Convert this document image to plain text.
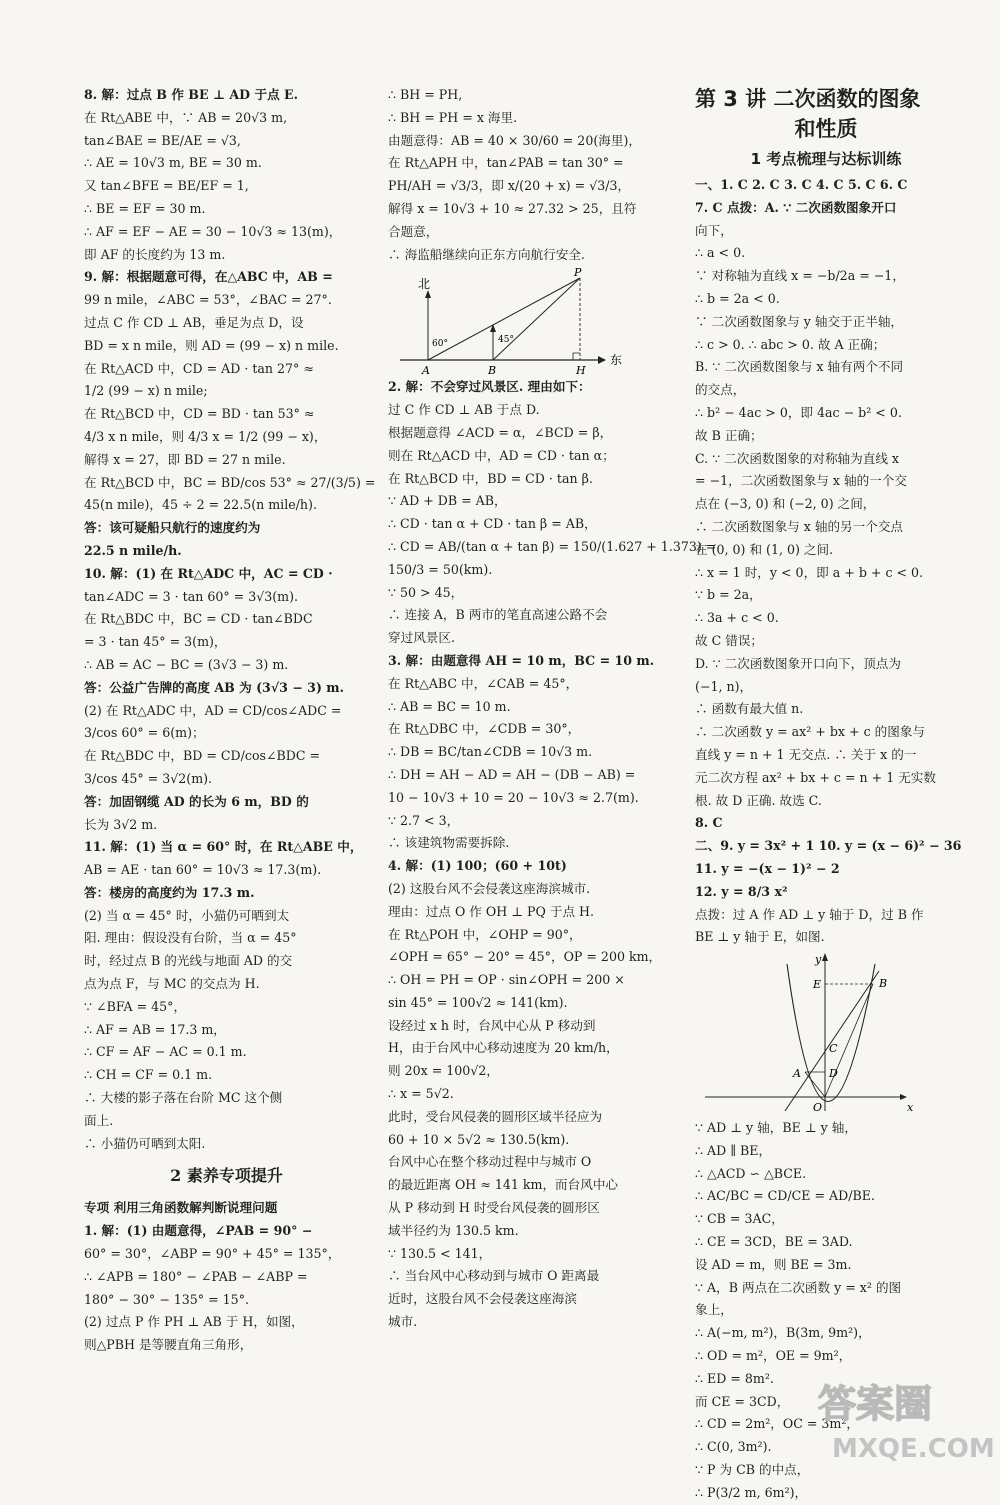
8. 解：过点 B 作 BE ⊥ AD 于点 E.
在 Rt△ABE 中，∵ AB = 20√3 m,
tan∠BAE = BE/AE = √3,
∴ AE = 10√3 m, BE = 30 m.
又 tan∠BFE = BE/EF = 1,
∴ BE = EF = 30 m.
∴ AF = EF − AE = 30 − 10√3 ≈ 13(m)，
即 AF 的长度约为 13 m.
9. 解：根据题意可得，在△ABC 中，AB =
99 n mile，∠ABC = 53°，∠BAC = 27°.
过点 C 作 CD ⊥ AB，垂足为点 D，设
BD = x n mile，则 AD = (99 − x) n mile.
在 Rt△ACD 中，CD = AD · tan 27° ≈
1/2 (99 − x) n mile;
在 Rt△BCD 中，CD = BD · tan 53° ≈
4/3 x n mile，则 4/3 x = 1/2 (99 − x)，
解得 x = 27，即 BD = 27 n mile.
在 Rt△BCD 中，BC = BD/cos 53° ≈ 27/(3/5) =
45(n mile)，45 ÷ 2 = 22.5(n mile/h).
答：该可疑船只航行的速度约为
22.5 n mile/h.
10. 解：(1) 在 Rt△ADC 中，AC = CD ·
tan∠ADC = 3 · tan 60° = 3√3(m).
在 Rt△BDC 中，BC = CD · tan∠BDC
= 3 · tan 45° = 3(m)，
∴ AB = AC − BC = (3√3 − 3) m.
答：公益广告牌的高度 AB 为 (3√3 − 3) m.
(2) 在 Rt△ADC 中，AD = CD/cos∠ADC =
3/cos 60° = 6(m)；
在 Rt△BDC 中，BD = CD/cos∠BDC =
3/cos 45° = 3√2(m).
答：加固钢缆 AD 的长为 6 m，BD 的
长为 3√2 m.
11. 解：(1) 当 α = 60° 时，在 Rt△ABE 中，
AB = AE · tan 60° = 10√3 ≈ 17.3(m).
答：楼房的高度约为 17.3 m.
(2) 当 α = 45° 时，小猫仍可晒到太
阳. 理由：假设没有台阶，当 α = 45°
时，经过点 B 的光线与地面 AD 的交
点为点 F，与 MC 的交点为 H.
∵ ∠BFA = 45°，
∴ AF = AB = 17.3 m，
∴ CF = AF − AC = 0.1 m.
∴ CH = CF = 0.1 m.
∴ 大楼的影子落在台阶 MC 这个侧
面上.
∴ 小猫仍可晒到太阳.
2 素养专项提升
专项 利用三角函数解判断说理问题
1. 解：(1) 由题意得，∠PAB = 90° −
60° = 30°，∠ABP = 90° + 45° = 135°，
∴ ∠APB = 180° − ∠PAB − ∠ABP =
180° − 30° − 135° = 15°.
(2) 过点 P 作 PH ⊥ AB 于 H，如图，
则△PBH 是等腰直角三角形，
∴ BH = PH,
∴ BH = PH = x 海里.
由题意得：AB = 40 × 30/60 = 20(海里)，
在 Rt△APH 中，tan∠PAB = tan 30° =
PH/AH = √3/3，即 x/(20 + x) = √3/3，
解得 x = 10√3 + 10 ≈ 27.32 > 25，且符
合题意，
∴ 海监船继续向正东方向航行安全.
北
东
P
A	B	H
60°	45°
2. 解：不会穿过风景区. 理由如下：
过 C 作 CD ⊥ AB 于点 D.
根据题意得 ∠ACD = α，∠BCD = β，
则在 Rt△ACD 中，AD = CD · tan α；
在 Rt△BCD 中，BD = CD · tan β.
∵ AD + DB = AB，
∴ CD · tan α + CD · tan β = AB，
∴ CD = AB/(tan α + tan β) = 150/(1.627 + 1.373) =
150/3 = 50(km).
∵ 50 > 45，
∴ 连接 A，B 两市的笔直高速公路不会
穿过风景区.
3. 解：由题意得 AH = 10 m，BC = 10 m.
在 Rt△ABC 中，∠CAB = 45°，
∴ AB = BC = 10 m.
在 Rt△DBC 中，∠CDB = 30°，
∴ DB = BC/tan∠CDB = 10√3 m.
∴ DH = AH − AD = AH − (DB − AB) =
10 − 10√3 + 10 = 20 − 10√3 ≈ 2.7(m).
∵ 2.7 < 3，
∴ 该建筑物需要拆除.
4. 解：(1) 100；(60 + 10t)
(2) 这股台风不会侵袭这座海滨城市.
理由：过点 O 作 OH ⊥ PQ 于点 H.
在 Rt△POH 中，∠OHP = 90°，
∠OPH = 65° − 20° = 45°，OP = 200 km，
∴ OH = PH = OP · sin∠OPH = 200 ×
sin 45° = 100√2 ≈ 141(km).
设经过 x h 时，台风中心从 P 移动到
H，由于台风中心移动速度为 20 km/h，
则 20x = 100√2，
∴ x = 5√2.
此时，受台风侵袭的圆形区域半径应为
60 + 10 × 5√2 ≈ 130.5(km).
台风中心在整个移动过程中与城市 O
的最近距离 OH ≈ 141 km，而台风中心
从 P 移动到 H 时受台风侵袭的圆形区
域半径约为 130.5 km.
∵ 130.5 < 141，
∴ 当台风中心移动到与城市 O 距离最
近时，这股台风不会侵袭这座海滨
城市.
第 3 讲 二次函数的图象
和性质
1 考点梳理与达标训练
一、1. C 2. C 3. C 4. C 5. C 6. C
7. C 点拨：A. ∵ 二次函数图象开口
向下，
∴ a < 0.
∵ 对称轴为直线 x = −b/2a = −1，
∴ b = 2a < 0.
∵ 二次函数图象与 y 轴交于正半轴，
∴ c > 0. ∴ abc > 0. 故 A 正确；
B. ∵ 二次函数图象与 x 轴有两个不同
的交点，
∴ b² − 4ac > 0，即 4ac − b² < 0.
故 B 正确；
C. ∵ 二次函数图象的对称轴为直线 x
= −1，二次函数图象与 x 轴的一个交
点在 (−3, 0) 和 (−2, 0) 之间，
∴ 二次函数图象与 x 轴的另一个交点
在 (0, 0) 和 (1, 0) 之间.
∴ x = 1 时，y < 0，即 a + b + c < 0.
∵ b = 2a，
∴ 3a + c < 0.
故 C 错误；
D. ∵ 二次函数图象开口向下，顶点为
(−1, n)，
∴ 函数有最大值 n.
∴ 二次函数 y = ax² + bx + c 的图象与
直线 y = n + 1 无交点. ∴ 关于 x 的一
元二次方程 ax² + bx + c = n + 1 无实数
根. 故 D 正确. 故选 C.
8. C
二、9. y = 3x² + 1 10. y = (x − 6)² − 36
11. y = −(x − 1)² − 2
12. y = 8/3 x²
点拨：过 A 作 AD ⊥ y 轴于 D，过 B 作
BE ⊥ y 轴于 E，如图.
y
x
E	B
C
D
A
O
∵ AD ⊥ y 轴，BE ⊥ y 轴，
∴ AD ∥ BE，
∴ △ACD ∽ △BCE.
∴ AC/BC = CD/CE = AD/BE.
∵ CB = 3AC，
∴ CE = 3CD，BE = 3AD.
设 AD = m，则 BE = 3m.
∵ A，B 两点在二次函数 y = x² 的图
象上，
∴ A(−m, m²)，B(3m, 9m²)，
∴ OD = m²，OE = 9m²，
∴ ED = 8m².
而 CE = 3CD，
∴ CD = 2m²，OC = 3m²，
∴ C(0, 3m²).
∵ P 为 CB 的中点，
∴ P(3/2 m, 6m²)，
答案圈
MXQE.COM
